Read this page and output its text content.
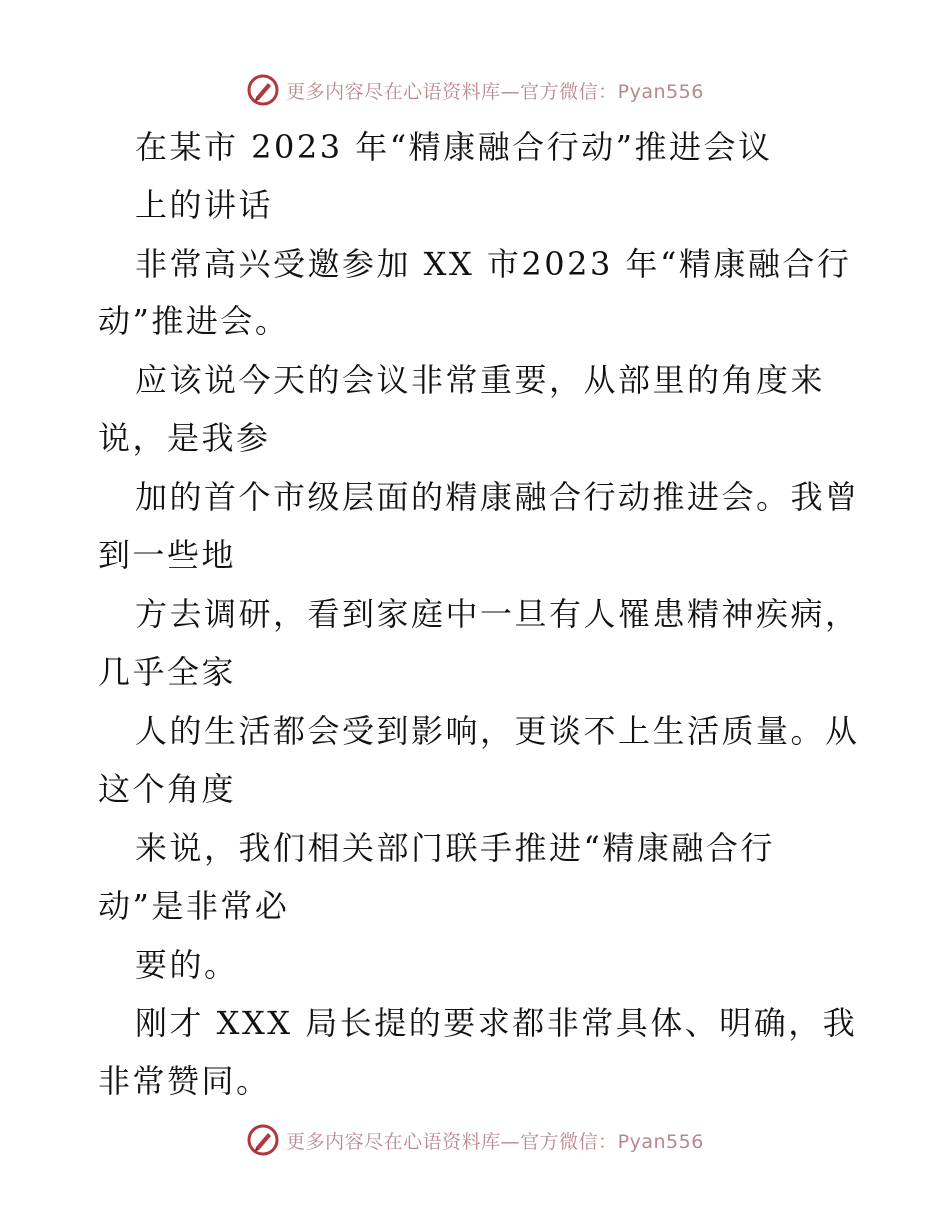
更多内容尽在心语资料库—官方微信：Pyan556
在某市 2023 年“精康融合行动”推进会议
上的讲话
非常高兴受邀参加 XX 市2023 年“精康融合行
动”推进会。
应该说今天的会议非常重要，从部里的角度来
说，是我参
加的首个市级层面的精康融合行动推进会。我曾
到一些地
方去调研，看到家庭中一旦有人罹患精神疾病，
几乎全家
人的生活都会受到影响，更谈不上生活质量。从
这个角度
来说，我们相关部门联手推进“精康融合行
动”是非常必
要的。
刚才 XXX 局长提的要求都非常具体、明确，我
非常赞同。
更多内容尽在心语资料库—官方微信：Pyan556
